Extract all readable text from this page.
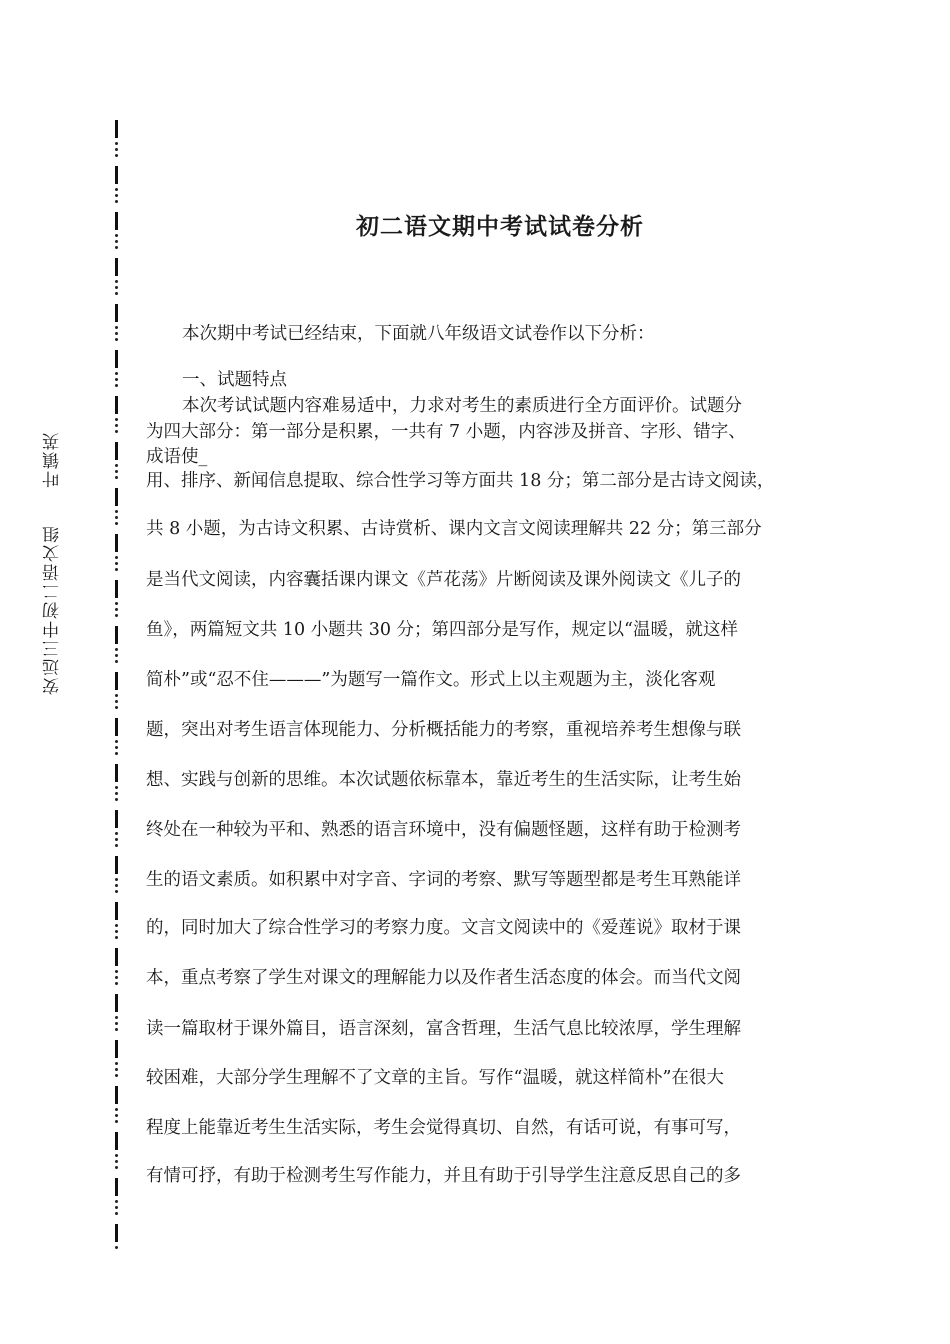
叶镇英
安远三中初二语文组
初二语文期中考试试卷分析
本次期中考试已经结束，下面就八年级语文试卷作以下分析：
一、试题特点
本次考试试题内容难易适中，力求对考生的素质进行全方面评价。试题分
为四大部分：第一部分是积累，一共有 7 小题，内容涉及拼音、字形、错字、
成语使_
用、排序、新闻信息提取、综合性学习等方面共 18 分；第二部分是古诗文阅读，
共 8 小题，为古诗文积累、古诗赏析、课内文言文阅读理解共 22 分；第三部分
是当代文阅读，内容囊括课内课文《芦花荡》片断阅读及课外阅读文《儿子的
鱼》，两篇短文共 10 小题共 30 分；第四部分是写作，规定以“温暖，就这样
简朴”或“忍不住———”为题写一篇作文。形式上以主观题为主，淡化客观
题，突出对考生语言体现能力、分析概括能力的考察，重视培养考生想像与联
想、实践与创新的思维。本次试题依标靠本，靠近考生的生活实际，让考生始
终处在一种较为平和、熟悉的语言环境中，没有偏题怪题，这样有助于检测考
生的语文素质。如积累中对字音、字词的考察、默写等题型都是考生耳熟能详
的，同时加大了综合性学习的考察力度。文言文阅读中的《爱莲说》取材于课
本，重点考察了学生对课文的理解能力以及作者生活态度的体会。而当代文阅
读一篇取材于课外篇目，语言深刻，富含哲理，生活气息比较浓厚，学生理解
较困难，大部分学生理解不了文章的主旨。写作“温暖，就这样简朴”在很大
程度上能靠近考生生活实际，考生会觉得真切、自然，有话可说，有事可写，
有情可抒，有助于检测考生写作能力，并且有助于引导学生注意反思自己的多
